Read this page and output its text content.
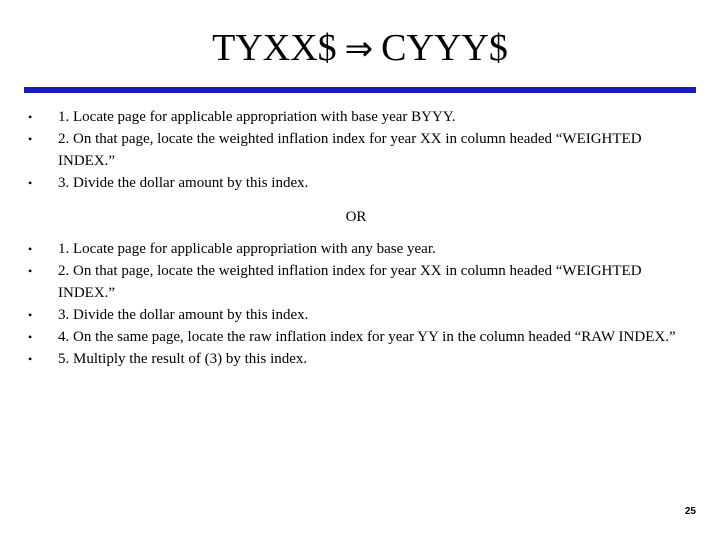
TYXX$ ⇒ CYYY$
• 1. Locate page for applicable appropriation with base year BYYY.
• 2. On that page, locate the weighted inflation index for year XX in column headed “WEIGHTED INDEX.”
• 3. Divide the dollar amount by this index.
OR
• 1. Locate page for applicable appropriation with any base year.
• 2. On that page, locate the weighted inflation index for year XX in column headed “WEIGHTED INDEX.”
• 3. Divide the dollar amount by this index.
• 4. On the same page, locate the raw inflation index for year YY in the column headed “RAW INDEX.”
• 5. Multiply the result of (3) by this index.
25
